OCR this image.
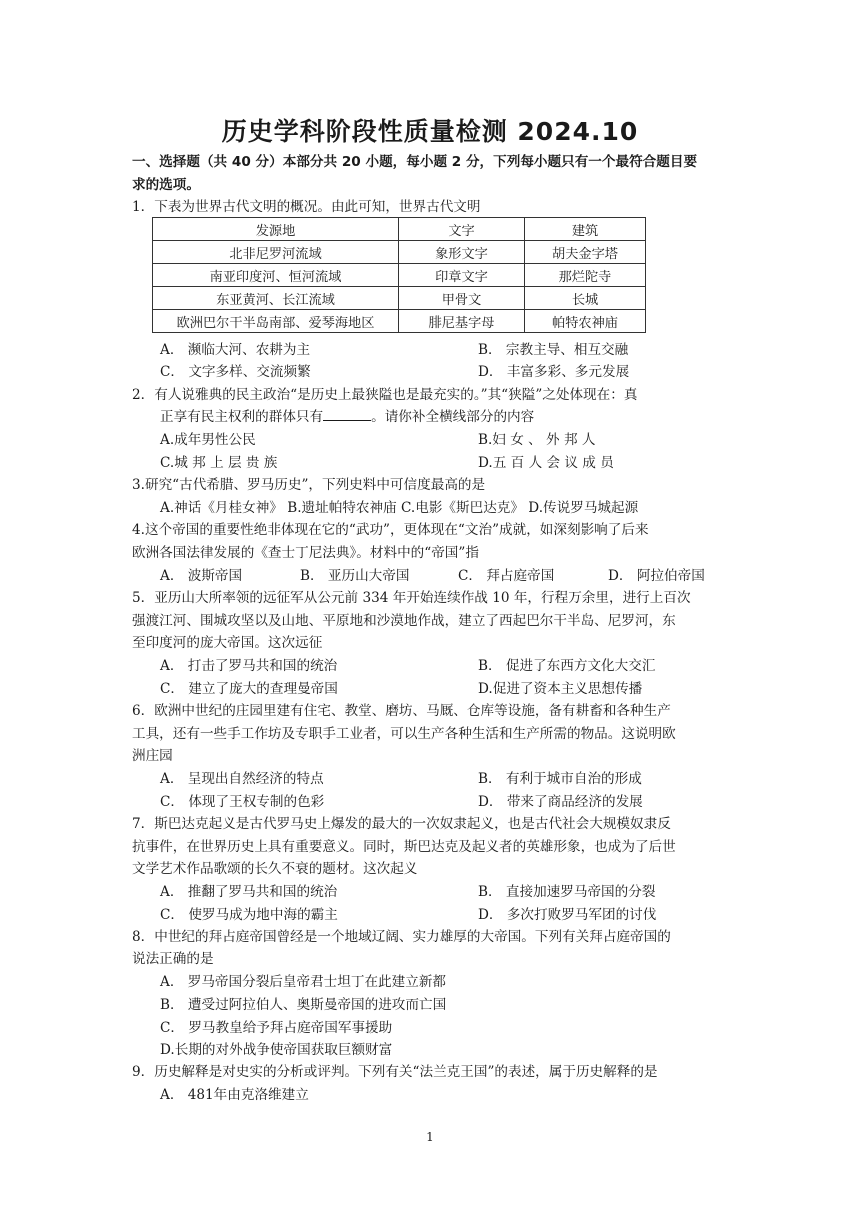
历史学科阶段性质量检测 2024.10
一、选择题（共 40 分）本部分共 20 小题，每小题 2 分，下列每小题只有一个最符合题目要
求的选项。
1．下表为世界古代文明的概况。由此可知，世界古代文明
发源地	文字	建筑
北非尼罗河流域	象形文字	胡夫金字塔
南亚印度河、恒河流域	印章文字	那烂陀寺
东亚黄河、长江流域	甲骨文	长城
欧洲巴尔干半岛南部、爱琴海地区	腓尼基字母	帕特农神庙
A． 濒临大河、农耕为主	B． 宗教主导、相互交融
C． 文字多样、交流频繁	D． 丰富多彩、多元发展
2．有人说雅典的民主政治“是历史上最狭隘也是最充实的。”其“狭隘”之处体现在：真
正享有民主权利的群体只有	。请你补全横线部分的内容
A.成年男性公民	B.妇 女 、 外 邦 人
C.城 邦 上 层 贵 族	D.五 百 人 会 议 成 员
3.研究“古代希腊、罗马历史”，下列史料中可信度最高的是
A.神话《月桂女神》 B.遗址帕特农神庙 C.电影《斯巴达克》 D.传说罗马城起源
4.这个帝国的重要性绝非体现在它的“武功”，更体现在“文治”成就，如深刻影响了后来
欧洲各国法律发展的《查士丁尼法典》。材料中的“帝国”指
A． 波斯帝国	B． 亚历山大帝国	C． 拜占庭帝国	D． 阿拉伯帝国
5．亚历山大所率领的远征军从公元前 334 年开始连续作战 10 年，行程万余里，进行上百次
强渡江河、围城攻坚以及山地、平原地和沙漠地作战，建立了西起巴尔干半岛、尼罗河，东
至印度河的庞大帝国。这次远征
A． 打击了罗马共和国的统治	B． 促进了东西方文化大交汇
C． 建立了庞大的查理曼帝国	D.促进了资本主义思想传播
6．欧洲中世纪的庄园里建有住宅、教堂、磨坊、马厩、仓库等设施，备有耕畜和各种生产
工具，还有一些手工作坊及专职手工业者，可以生产各种生活和生产所需的物品。这说明欧
洲庄园
A． 呈现出自然经济的特点	B． 有利于城市自治的形成
C． 体现了王权专制的色彩	D． 带来了商品经济的发展
7．斯巴达克起义是古代罗马史上爆发的最大的一次奴隶起义，也是古代社会大规模奴隶反
抗事件，在世界历史上具有重要意义。同时，斯巴达克及起义者的英雄形象，也成为了后世
文学艺术作品歌颂的长久不衰的题材。这次起义
A． 推翻了罗马共和国的统治	B． 直接加速罗马帝国的分裂
C． 使罗马成为地中海的霸主	D． 多次打败罗马军团的讨伐
8．中世纪的拜占庭帝国曾经是一个地域辽阔、实力雄厚的大帝国。下列有关拜占庭帝国的
说法正确的是
A． 罗马帝国分裂后皇帝君士坦丁在此建立新都
B． 遭受过阿拉伯人、奥斯曼帝国的进攻而亡国
C． 罗马教皇给予拜占庭帝国军事援助
D.长期的对外战争使帝国获取巨额财富
9．历史解释是对史实的分析或评判。下列有关“法兰克王国”的表述，属于历史解释的是
A． 481年由克洛维建立
1
